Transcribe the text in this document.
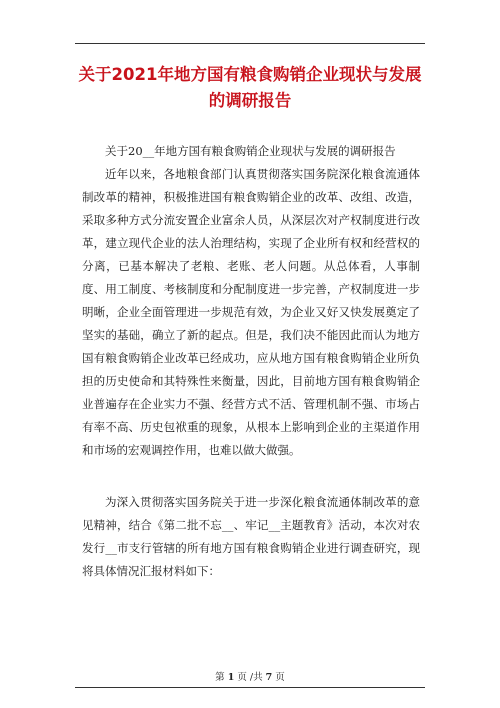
关于2021年地方国有粮食购销企业现状与发展的调研报告

关于20__年地方国有粮食购销企业现状与发展的调研报告

近年以来，各地粮食部门认真贯彻落实国务院深化粮食流通体制改革的精神，积极推进国有粮食购销企业的改革、改组、改造，采取多种方式分流安置企业富余人员，从深层次对产权制度进行改革，建立现代企业的法人治理结构，实现了企业所有权和经营权的分离，已基本解决了老粮、老账、老人问题。从总体看，人事制度、用工制度、考核制度和分配制度进一步完善，产权制度进一步明晰，企业全面管理进一步规范有效，为企业又好又快发展奠定了坚实的基础，确立了新的起点。但是，我们决不能因此而认为地方国有粮食购销企业改革已经成功，应从地方国有粮食购销企业所负担的历史使命和其特殊性来衡量，因此，目前地方国有粮食购销企业普遍存在企业实力不强、经营方式不活、管理机制不强、市场占有率不高、历史包袱重的现象，从根本上影响到企业的主渠道作用和市场的宏观调控作用，也难以做大做强。

为深入贯彻落实国务院关于进一步深化粮食流通体制改革的意见精神，结合《第二批不忘__、牢记__主题教育》活动，本次对农发行__市支行管辖的所有地方国有粮食购销企业进行调查研究，现将具体情况汇报材料如下：

第 1 页 /共 7 页
